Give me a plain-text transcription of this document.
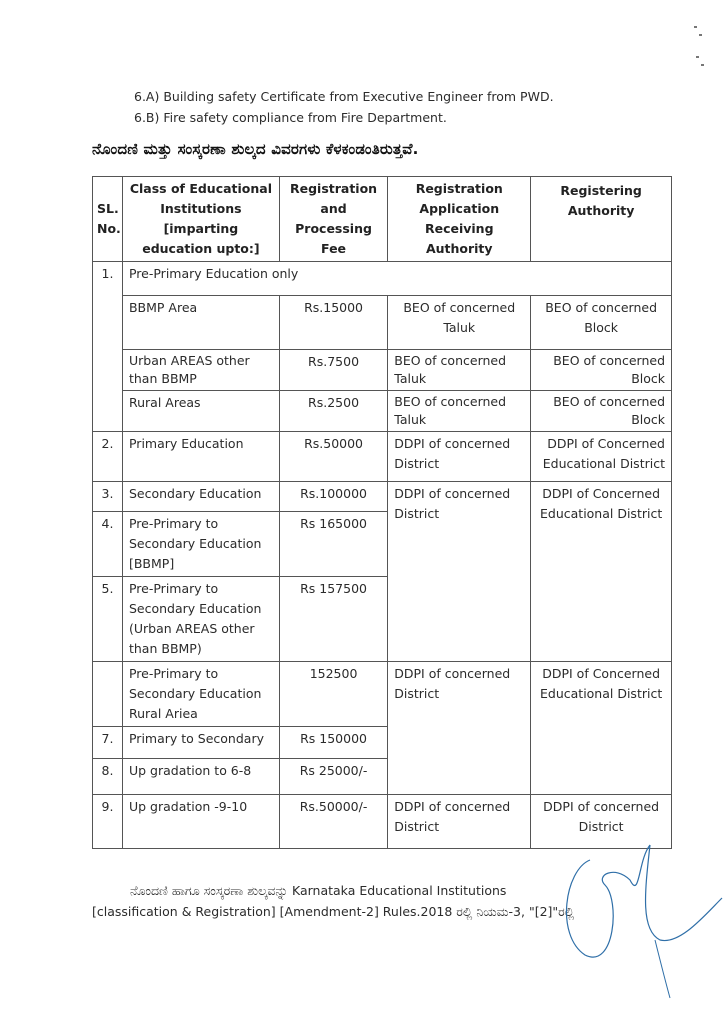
6.A) Building safety Certificate from Executive Engineer from PWD.
6.B) Fire safety compliance from Fire Department.
ನೊಂದಣಿ ಮತ್ತು ಸಂಸ್ಕರಣಾ ಶುಲ್ಕದ ವಿವರಗಳು ಕೆಳಕಂಡಂತಿರುತ್ತವೆ.
SL. No.	Class of Educational Institutions [imparting education upto:]	Registration and Processing Fee	Registration Application Receiving Authority	Registering Authority
1.	Pre-Primary Education only			
	BBMP Area	Rs.15000	BEO of concerned Taluk	BEO of concerned Block
	Urban AREAS other than BBMP	Rs.7500	BEO of concerned Taluk	BEO of concerned Block
	Rural Areas	Rs.2500	BEO of concerned Taluk	BEO of concerned Block
2.	Primary Education	Rs.50000	DDPI of concerned District	DDPI of Concerned Educational District
3.	Secondary Education	Rs.100000	DDPI of concerned District	DDPI of Concerned Educational District
4.	Pre-Primary to Secondary Education [BBMP]	Rs 165000		
5.	Pre-Primary to Secondary Education (Urban AREAS other than BBMP)	Rs 157500		
	Pre-Primary to Secondary Education Rural Ariea	152500	DDPI of concerned District	DDPI of Concerned Educational District
7.	Primary to Secondary	Rs 150000		
8.	Up gradation to 6-8	Rs 25000/-		
9.	Up gradation -9-10	Rs.50000/-	DDPI of concerned District	DDPI of concerned District
ನೊಂದಣಿ ಹಾಗೂ ಸಂಸ್ಕರಣಾ ಶುಲ್ಕವನ್ನು Karnataka Educational Institutions
[classification & Registration] [Amendment-2] Rules.2018 ರಲ್ಲಿ ನಿಯಮ-3, "[2]"ರಲ್ಲಿ
